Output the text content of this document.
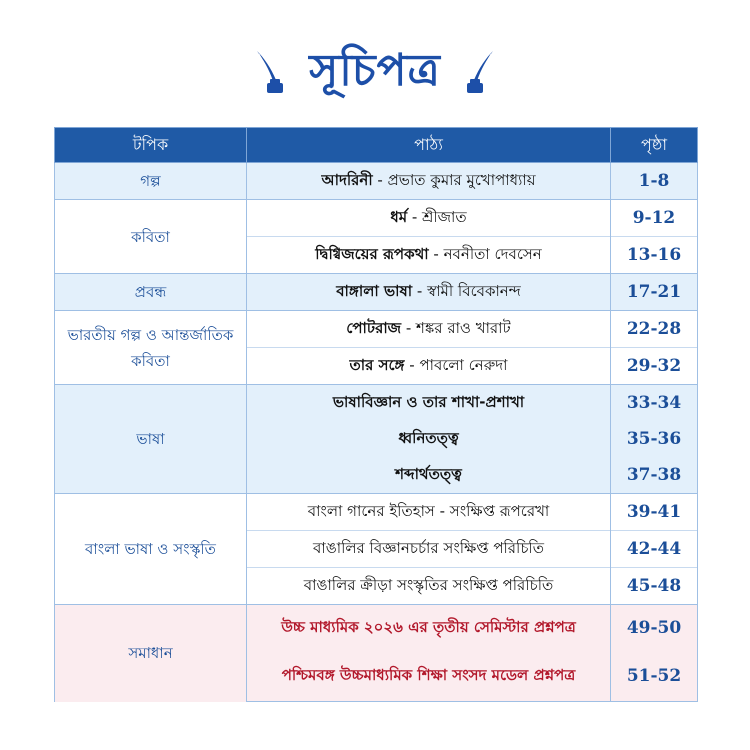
সূচিপত্র
টপিক	পাঠ্য	পৃষ্ঠা
গল্প	আদরিনী - প্রভাত কুমার মুখোপাধ্যায়	1-8
কবিতা	ধর্ম - শ্রীজাত	9-12
	দ্বিগ্বিজয়ের রূপকথা - নবনীতা দেবসেন	13-16
প্রবন্ধ	বাঙ্গালা ভাষা - স্বামী বিবেকানন্দ	17-21
ভারতীয় গল্প ও আন্তর্জাতিক কবিতা	পোটরাজ - শঙ্কর রাও খারাট	22-28
	তার সঙ্গে - পাবলো নেরুদা	29-32
ভাষা	ভাষাবিজ্ঞান ও তার শাখা-প্রশাখা	33-34
	ধ্বনিতত্ত্ব	35-36
	শব্দার্থতত্ত্ব	37-38
বাংলা ভাষা ও সংস্কৃতি	বাংলা গানের ইতিহাস - সংক্ষিপ্ত রূপরেখা	39-41
	বাঙালির বিজ্ঞানচর্চার সংক্ষিপ্ত পরিচিতি	42-44
	বাঙালির ক্রীড়া সংস্কৃতির সংক্ষিপ্ত পরিচিতি	45-48
সমাধান	উচ্চ মাধ্যমিক ২০২৬ এর তৃতীয় সেমিস্টার প্রশ্নপত্র	49-50
	পশ্চিমবঙ্গ উচ্চমাধ্যমিক শিক্ষা সংসদ মডেল প্রশ্নপত্র	51-52
